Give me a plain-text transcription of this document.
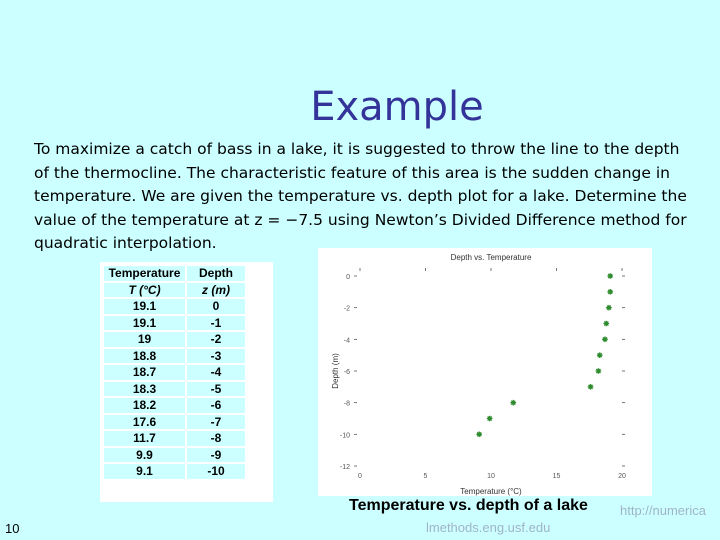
Example
To maximize a catch of bass in a lake, it is suggested to throw the line to the depth of the thermocline. The characteristic feature of this area is the sudden change in temperature. We are given the temperature vs. depth plot for a lake. Determine the value of the temperature at z = −7.5 using Newton’s Divided Difference method for quadratic interpolation.
Temperature	Depth
T (°C)	z (m)
19.1	0
19.1	-1
19	-2
18.8	-3
18.7	-4
18.3	-5
18.2	-6
17.6	-7
11.7	-8
9.9	-9
9.1	-10
Depth vs. Temperature
Temperature (°C)
Depth (m)
0
-2
-4
-6
-8
-10
-12
0	5	10	15	20
Temperature vs. depth of a lake http://numerica
lmethods.eng.usf.edu
10
